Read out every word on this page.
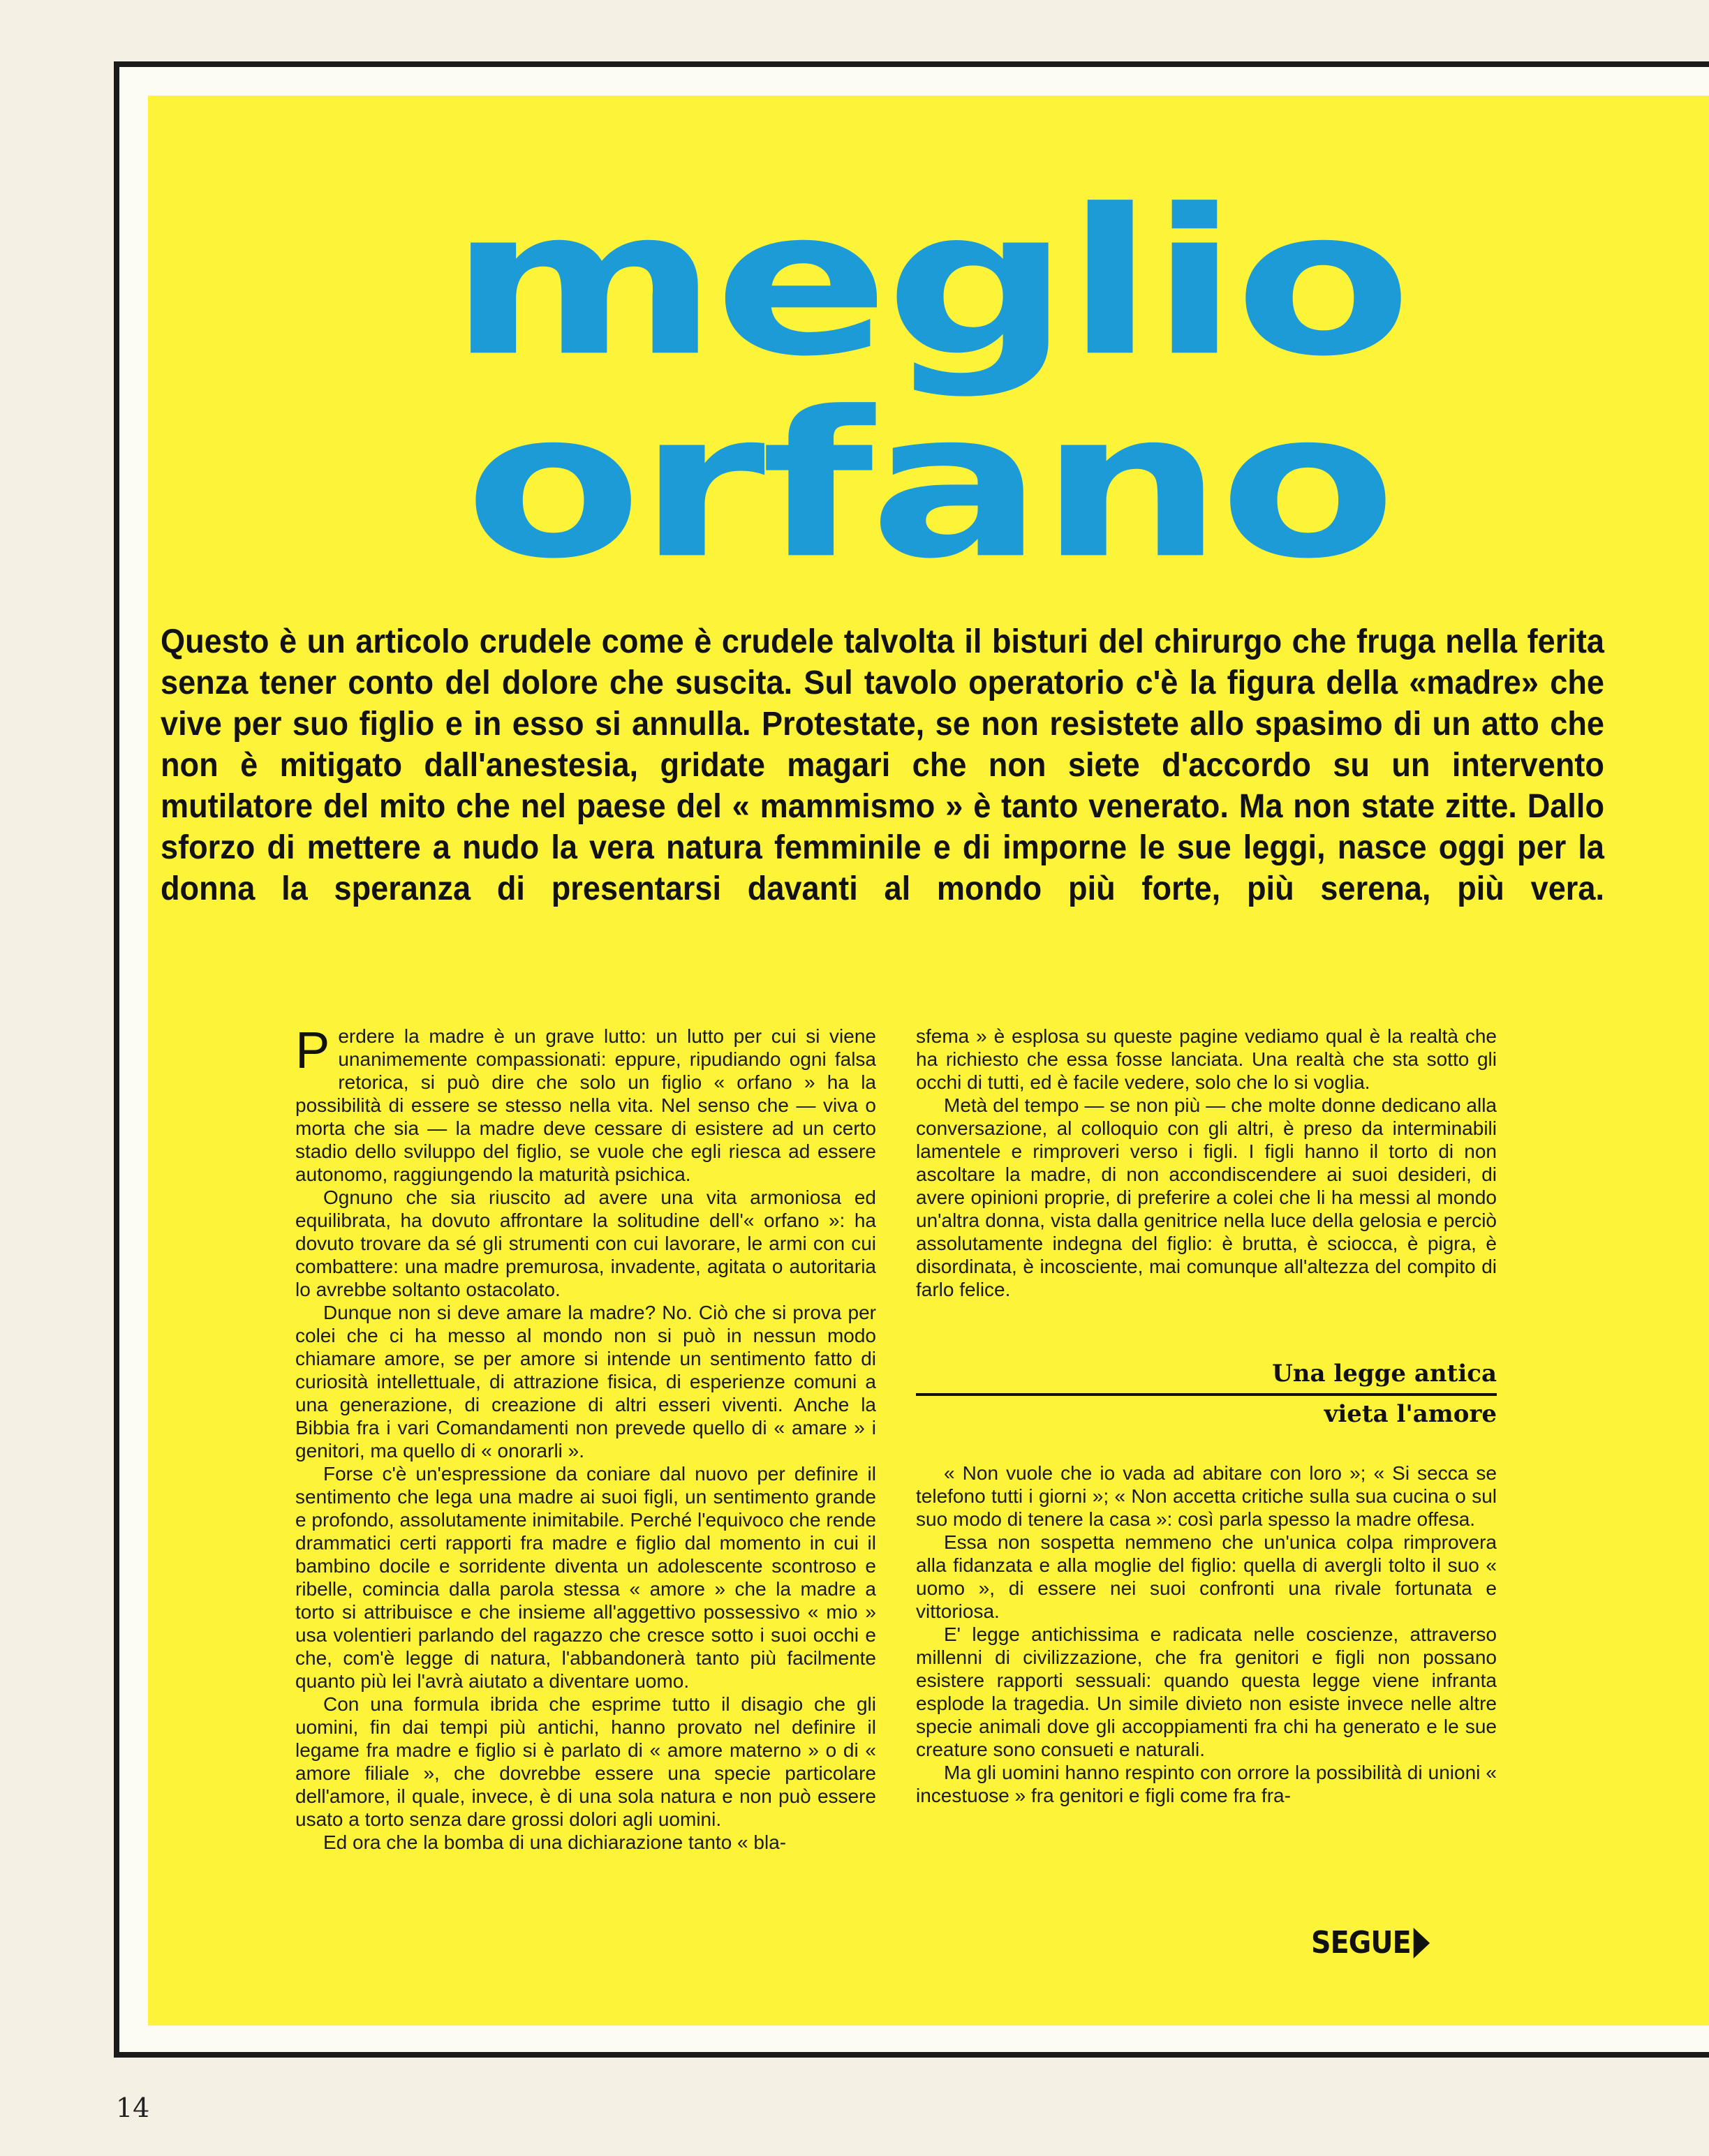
meglio
orfano
Questo è un articolo crudele come è crudele talvolta il bisturi del chirurgo che fruga nella ferita senza tener conto del dolore che suscita. Sul tavolo operatorio c'è la figura della «madre» che vive per suo figlio e in esso si annulla. Protestate, se non resistete allo spasimo di un atto che non è mitigato dall'anestesia, gridate magari che non siete d'accordo su un intervento mutilatore del mito che nel paese del « mammismo » è tanto venerato. Ma non state zitte. Dallo sforzo di mettere a nudo la vera natura femminile e di imporne le sue leggi, nasce oggi per la donna la speranza di presentarsi davanti al mondo più forte, più serena, più vera.

Perdere la madre è un grave lutto: un lutto per cui si viene unanimemente compassionati: eppure, ripudiando ogni falsa retorica, si può dire che solo un figlio « orfano » ha la possibilità di essere se stesso nella vita. Nel senso che — viva o morta che sia — la madre deve cessare di esistere ad un certo stadio dello sviluppo del figlio, se vuole che egli riesca ad essere autonomo, raggiungendo la maturità psichica.

Ognuno che sia riuscito ad avere una vita armoniosa ed equilibrata, ha dovuto affrontare la solitudine dell'« orfano »: ha dovuto trovare da sé gli strumenti con cui lavorare, le armi con cui combattere: una madre premurosa, invadente, agitata o autoritaria lo avrebbe soltanto ostacolato.

Dunque non si deve amare la madre? No. Ciò che si prova per colei che ci ha messo al mondo non si può in nessun modo chiamare amore, se per amore si intende un sentimento fatto di curiosità intellettuale, di attrazione fisica, di esperienze comuni a una generazione, di creazione di altri esseri viventi. Anche la Bibbia fra i vari Comandamenti non prevede quello di « amare » i genitori, ma quello di « onorarli ».

Forse c'è un'espressione da coniare dal nuovo per definire il sentimento che lega una madre ai suoi figli, un sentimento grande e profondo, assolutamente inimitabile. Perché l'equivoco che rende drammatici certi rapporti fra madre e figlio dal momento in cui il bambino docile e sorridente diventa un adolescente scontroso e ribelle, comincia dalla parola stessa « amore » che la madre a torto si attribuisce e che insieme all'aggettivo possessivo « mio » usa volentieri parlando del ragazzo che cresce sotto i suoi occhi e che, com'è legge di natura, l'abbandonerà tanto più facilmente quanto più lei l'avrà aiutato a diventare uomo.

Con una formula ibrida che esprime tutto il disagio che gli uomini, fin dai tempi più antichi, hanno provato nel definire il legame fra madre e figlio si è parlato di « amore materno » o di « amore filiale », che dovrebbe essere una specie particolare dell'amore, il quale, invece, è di una sola natura e non può essere usato a torto senza dare grossi dolori agli uomini.

Ed ora che la bomba di una dichiarazione tanto « bla-

sfema » è esplosa su queste pagine vediamo qual è la realtà che ha richiesto che essa fosse lanciata. Una realtà che sta sotto gli occhi di tutti, ed è facile vedere, solo che lo si voglia.

Metà del tempo — se non più — che molte donne dedicano alla conversazione, al colloquio con gli altri, è preso da interminabili lamentele e rimproveri verso i figli. I figli hanno il torto di non ascoltare la madre, di non accondiscendere ai suoi desideri, di avere opinioni proprie, di preferire a colei che li ha messi al mondo un'altra donna, vista dalla genitrice nella luce della gelosia e perciò assolutamente indegna del figlio: è brutta, è sciocca, è pigra, è disordinata, è incosciente, mai comunque all'altezza del compito di farlo felice.

Una legge antica
vieta l'amore

« Non vuole che io vada ad abitare con loro »; « Si secca se telefono tutti i giorni »; « Non accetta critiche sulla sua cucina o sul suo modo di tenere la casa »: così parla spesso la madre offesa.

Essa non sospetta nemmeno che un'unica colpa rimprovera alla fidanzata e alla moglie del figlio: quella di avergli tolto il suo « uomo », di essere nei suoi confronti una rivale fortunata e vittoriosa.

E' legge antichissima e radicata nelle coscienze, attraverso millenni di civilizzazione, che fra genitori e figli non possano esistere rapporti sessuali: quando questa legge viene infranta esplode la tragedia. Un simile divieto non esiste invece nelle altre specie animali dove gli accoppiamenti fra chi ha generato e le sue creature sono consueti e naturali.

Ma gli uomini hanno respinto con orrore la possibilità di unioni « incestuose » fra genitori e figli come fra fra-

SEGUE
14
